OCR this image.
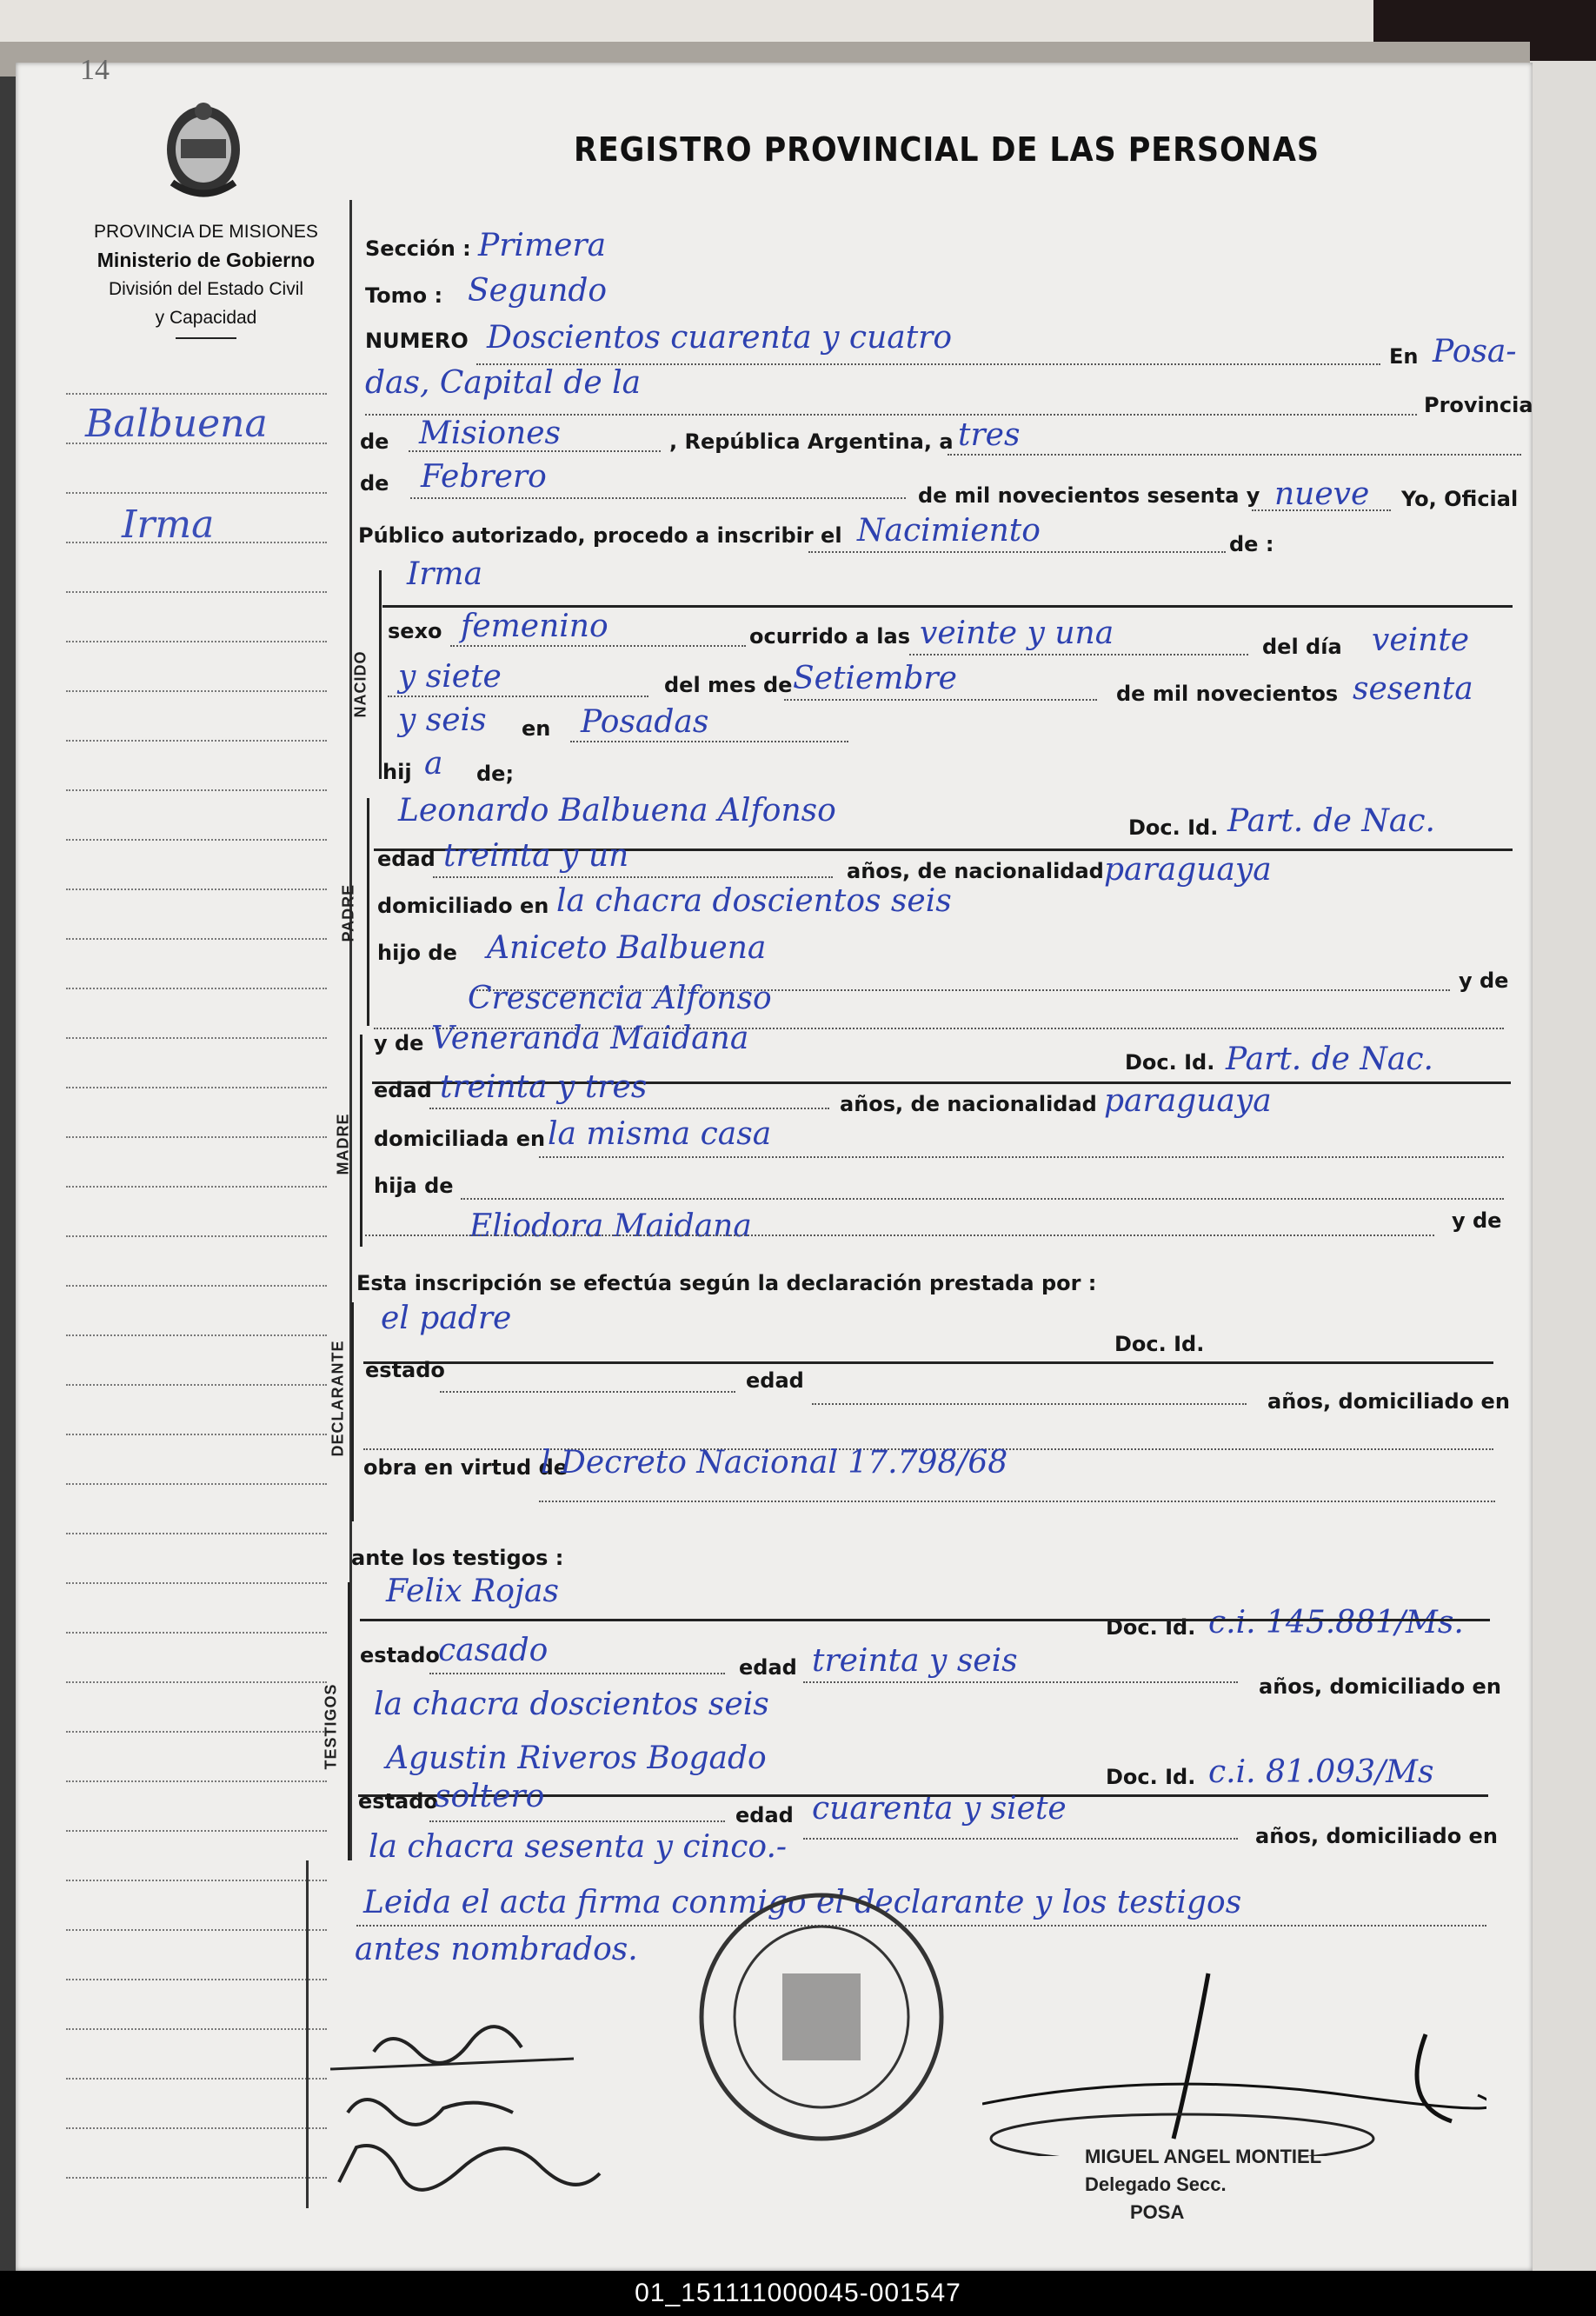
14
REGISTRO PROVINCIAL DE LAS PERSONAS
PROVINCIA DE MISIONES
Ministerio de Gobierno
División del Estado Civil
y Capacidad
Balbuena
Irma
Sección : Primera
Tomo : Segundo
NUMERO Doscientos cuarenta y cuatro
En Posa-
das, Capital de la
Provincia
de Misiones	, República Argentina, a tres
de Febrero
de mil novecientos sesenta y nueve Yo, Oficial
Público autorizado, procedo a inscribir el Nacimiento	de :
Irma
NACIDO
sexo femenino	ocurrido a las veinte y una	del día veinte
y siete	del mes de Setiembre	de mil novecientos sesenta
y seis en Posadas
hij a de;
PADRE
Leonardo Balbuena Alfonso	Doc. Id. Part. de Nac.
edad treinta y un	años, de nacionalidad paraguaya
domiciliado en la chacra doscientos seis
hijo de Aniceto Balbuena
y de
Crescencia Alfonso
MADRE
y de Veneranda Maidana
Doc. Id. Part. de Nac.
edad treinta y tres	años, de nacionalidad paraguaya
domiciliada en la misma casa
hija de
y de
Eliodora Maidana
Esta inscripción se efectúa según la declaración prestada por :
DECLARANTE
el padre
Doc. Id.
estado	edad
años, domiciliado en
obra en virtud de
l Decreto Nacional 17.798/68
ante los testigos :
TESTIGOS
Felix Rojas
Doc. Id. c.i. 145.881/Ms.
estado
casado	edad treinta y seis
años, domiciliado en
la chacra doscientos seis
Agustin Riveros Bogado
Doc. Id. c.i. 81.093/Ms
estado
soltero
edad cuarenta y siete
años, domiciliado en
la chacra sesenta y cinco.-
Leida el acta firma conmigo el declarante y los testigos
antes nombrados.
MIGUEL ANGEL MONTIEL
Delegado Secc.
POSA
01_151111000045-001547
